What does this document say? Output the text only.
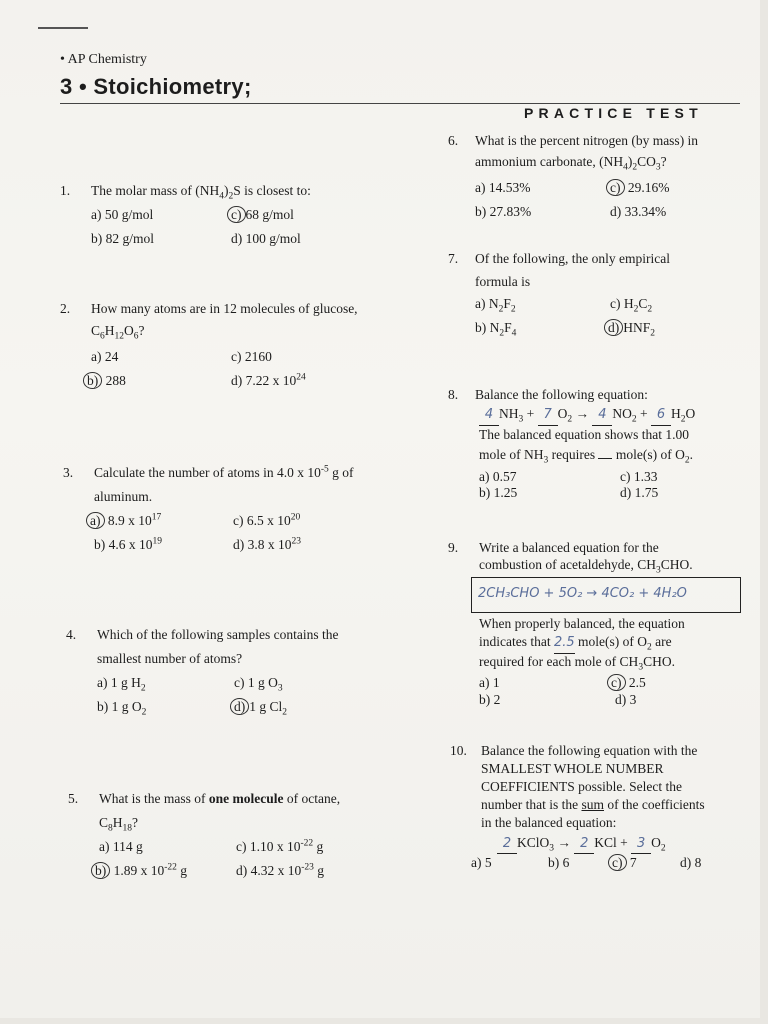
• AP Chemistry
3 • Stoichiometry;
PRACTICE TEST
1. The molar mass of $(NH_4)_2S$ is closest to:
a) 50 g/mol
b) 82 g/mol
c) 68 g/mol
d) 100 g/mol
2. How many atoms are in 12 molecules of glucose,
$C_6H_{12}O_6$?
a) 24
b) 288
c) 2160
d) 7.22 x $10^{24}$
3. Calculate the number of atoms in 4.0 x $10^{-5}$ g of
aluminum.
a) 8.9 x $10^{17}$
b) 4.6 x $10^{19}$
c) 6.5 x $10^{20}$
d) 3.8 x $10^{23}$
4. Which of the following samples contains the
smallest number of atoms?
a) 1 g $H_2$
b) 1 g $O_2$
c) 1 g $O_3$
d) 1 g $Cl_2$
5. What is the mass of one molecule of octane,
$C_8H_{18}$?
a) 114 g
b) 1.89 x $10^{-22}$ g
c) 1.10 x $10^{-22}$ g
d) 4.32 x $10^{-23}$ g
6. What is the percent nitrogen (by mass) in
ammonium carbonate, $(NH_4)_2CO_3$?
a) 14.53%
b) 27.83%
c) 29.16%
d) 33.34%
7. Of the following, the only empirical
formula is
a) $N_2F_2$
b) $N_2F_4$
c) $H_2C_2$
d) $HNF_2$
8. Balance the following equation:
4 $NH_3 + 7$ $O_2 \to 4$ $NO_2 + 6$ $H_2O$
The balanced equation shows that 1.00
mole of $NH_3$ requires  mole(s) of $O_2$.
a) 0.57
b) 1.25
c) 1.33
d) 1.75
9. Write a balanced equation for the
combustion of acetaldehyde, $CH_3CHO$.
When properly balanced, the equation
indicates that 2.5 mole(s) of $O_2$ are
required for each mole of $CH_3CHO$.
a) 1
b) 2
c) 2.5
d) 3
2CH₃CHO + 5O₂ → 4CO₂ + 4H₂O
10. Balance the following equation with the
SMALLEST WHOLE NUMBER
COEFFICIENTS possible. Select the
number that is the sum of the coefficients
in the balanced equation:
2 KClO$_3$ → 2 KCl + 3 $O_2$
a) 5	b) 6	c) 7	d) 8
